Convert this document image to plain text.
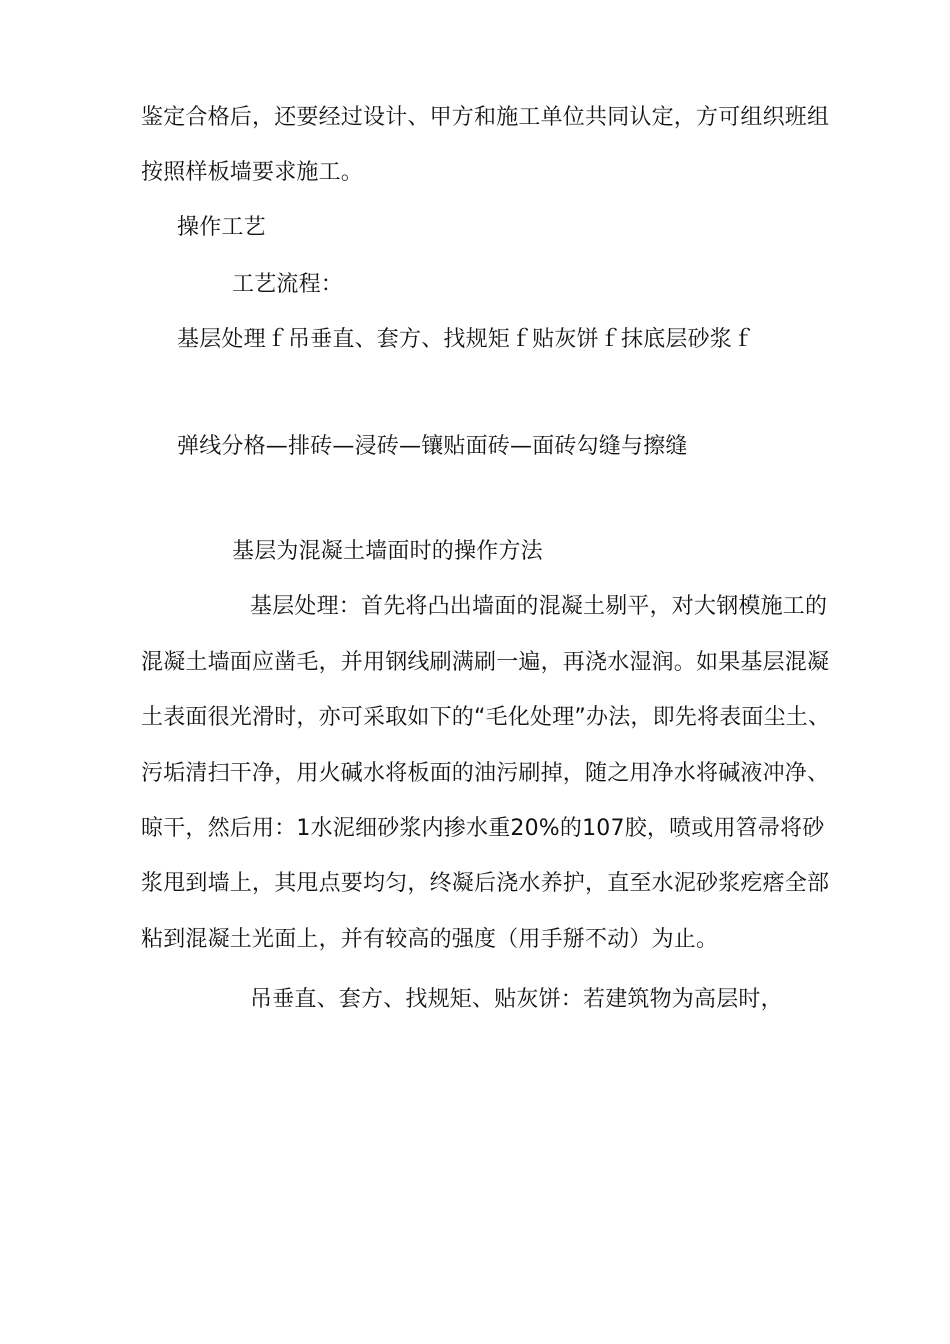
鉴定合格后，还要经过设计、甲方和施工单位共同认定，方可组织班组
按照样板墙要求施工。
操作工艺
工艺流程：
基层处理ｆ吊垂直、套方、找规矩ｆ贴灰饼ｆ抹底层砂浆ｆ
弹线分格—排砖—浸砖—镶贴面砖—面砖勾缝与擦缝
基层为混凝土墙面时的操作方法
基层处理：首先将凸出墙面的混凝土剔平，对大钢模施工的
混凝土墙面应凿毛，并用钢线刷满刷一遍，再浇水湿润。如果基层混凝
土表面很光滑时，亦可采取如下的“毛化处理”办法，即先将表面尘土、
污垢清扫干净，用火碱水将板面的油污刷掉，随之用净水将碱液冲净、
晾干，然后用：1水泥细砂浆内掺水重20%的107胶，喷或用笤帚将砂
浆甩到墙上，其甩点要均匀，终凝后浇水养护，直至水泥砂浆疙瘩全部
粘到混凝土光面上，并有较高的强度（用手掰不动）为止。
吊垂直、套方、找规矩、贴灰饼：若建筑物为高层时，
